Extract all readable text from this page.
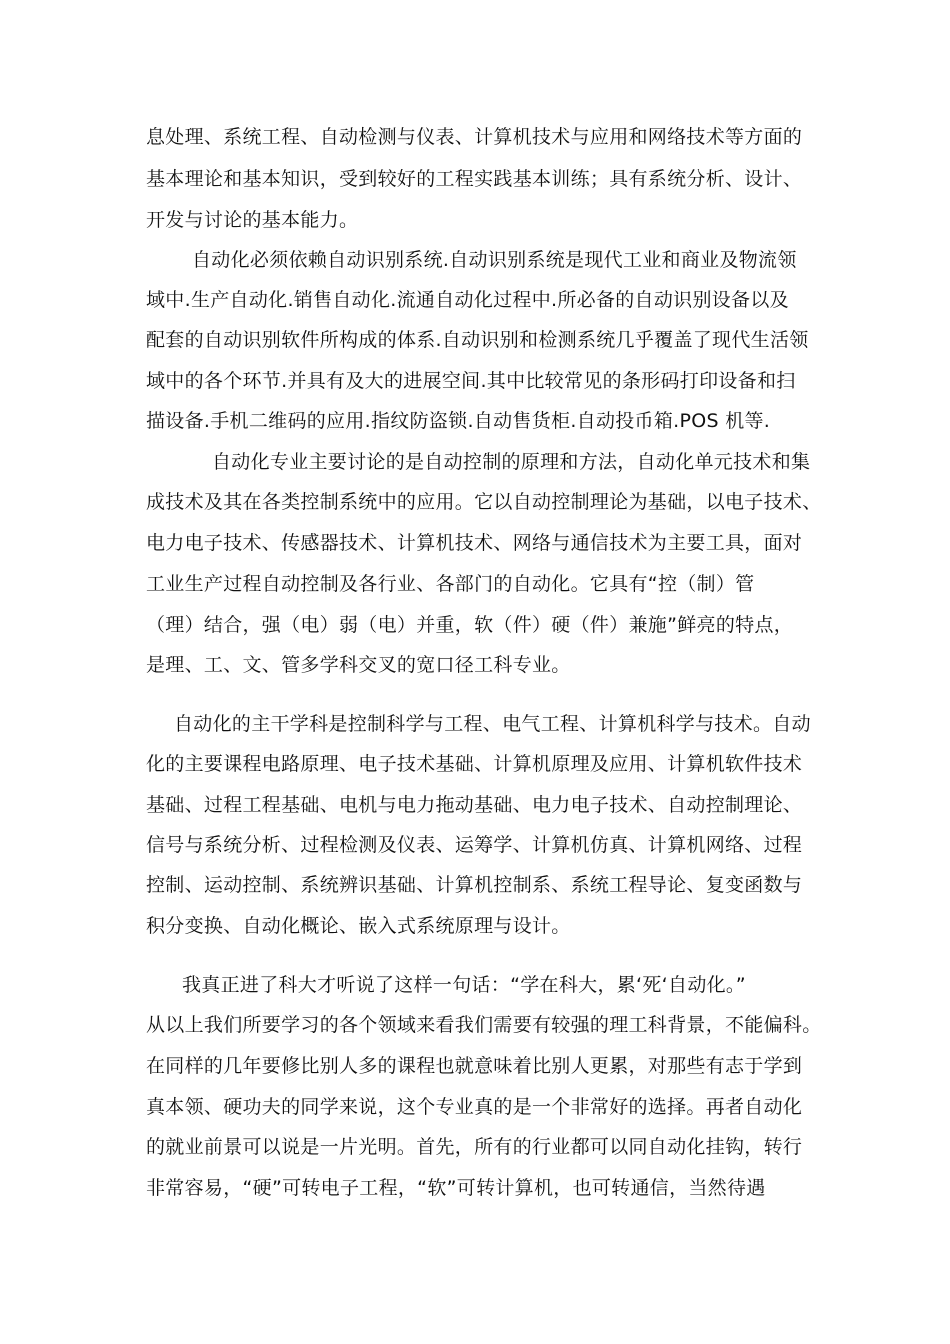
息处理、系统工程、自动检测与仪表、计算机技术与应用和网络技术等方面的
基本理论和基本知识，受到较好的工程实践基本训练；具有系统分析、设计、
开发与讨论的基本能力。
自动化必须依赖自动识别系统.自动识别系统是现代工业和商业及物流领
域中.生产自动化.销售自动化.流通自动化过程中.所必备的自动识别设备以及
配套的自动识别软件所构成的体系.自动识别和检测系统几乎覆盖了现代生活领
域中的各个环节.并具有及大的进展空间.其中比较常见的条形码打印设备和扫
描设备.手机二维码的应用.指纹防盗锁.自动售货柜.自动投币箱.POS 机等.
自动化专业主要讨论的是自动控制的原理和方法，自动化单元技术和集
成技术及其在各类控制系统中的应用。它以自动控制理论为基础，以电子技术、
电力电子技术、传感器技术、计算机技术、网络与通信技术为主要工具，面对
工业生产过程自动控制及各行业、各部门的自动化。它具有“控（制）管
（理）结合，强（电）弱（电）并重，软（件）硬（件）兼施”鲜亮的特点，
是理、工、文、管多学科交叉的宽口径工科专业。
自动化的主干学科是控制科学与工程、电气工程、计算机科学与技术。自动
化的主要课程电路原理、电子技术基础、计算机原理及应用、计算机软件技术
基础、过程工程基础、电机与电力拖动基础、电力电子技术、自动控制理论、
信号与系统分析、过程检测及仪表、运筹学、计算机仿真、计算机网络、过程
控制、运动控制、系统辨识基础、计算机控制系、系统工程导论、复变函数与
积分变换、自动化概论、嵌入式系统原理与设计。
我真正进了科大才听说了这样一句话：“学在科大，累‘死‘自动化。”
从以上我们所要学习的各个领域来看我们需要有较强的理工科背景，不能偏科。
在同样的几年要修比别人多的课程也就意味着比别人更累，对那些有志于学到
真本领、硬功夫的同学来说，这个专业真的是一个非常好的选择。再者自动化
的就业前景可以说是一片光明。首先，所有的行业都可以同自动化挂钩，转行
非常容易，“硬”可转电子工程，“软”可转计算机，也可转通信，当然待遇
